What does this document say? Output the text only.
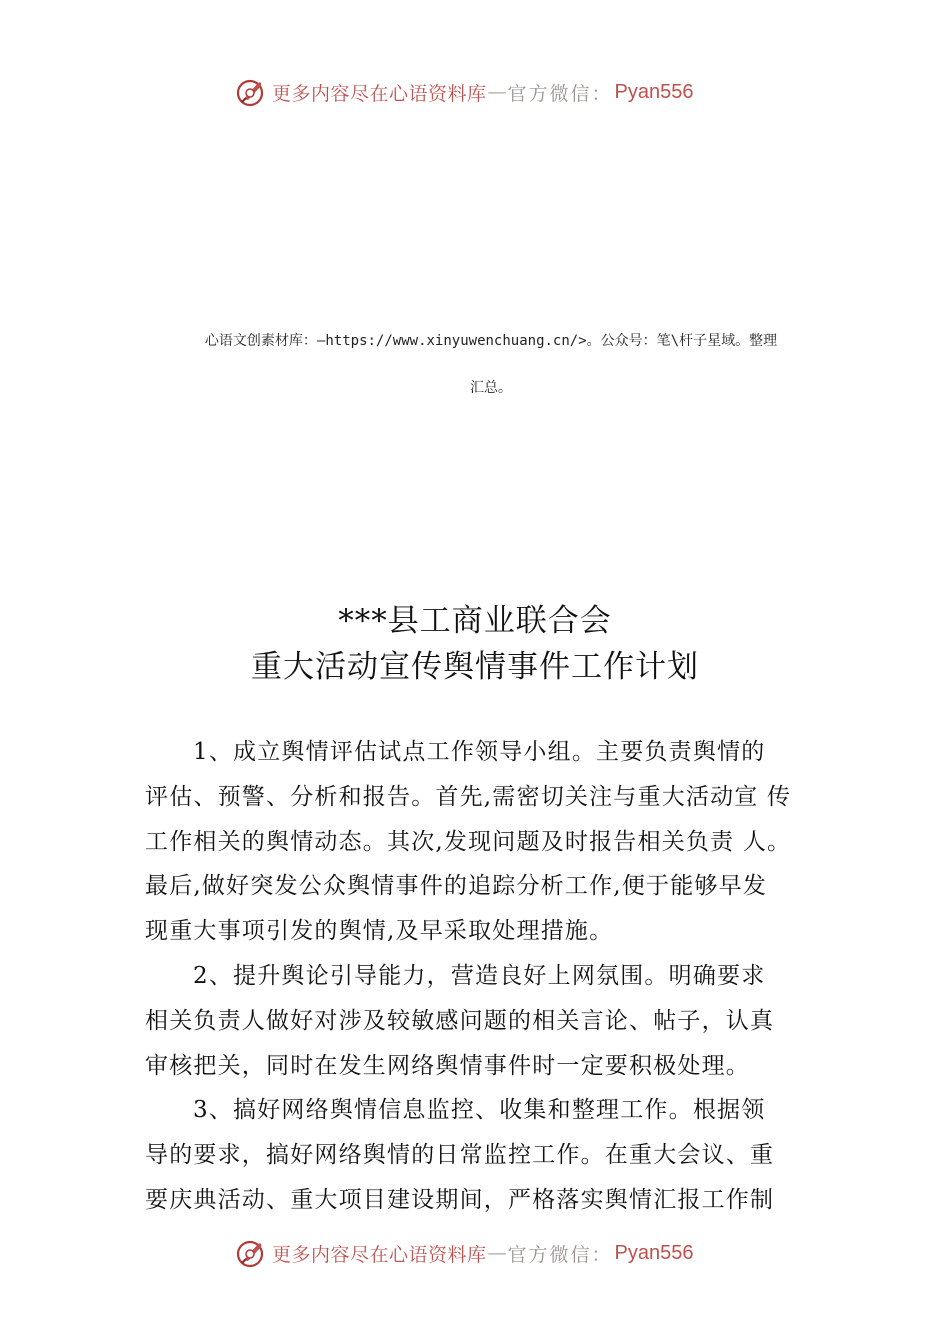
更多内容尽在心语资料库 — 官方微信： Pyan556
心语文创素材库：—https://www.xinyuwenchuang.cn/>。公众号：笔\杆子星域。整理
汇总。
***县工商业联合会
重大活动宣传舆情事件工作计划
1、成立舆情评估试点工作领导小组。主要负责舆情的
评估、预警、分析和报告。首先,需密切关注与重大活动宣 传
工作相关的舆情动态。其次,发现问题及时报告相关负责 人。
最后,做好突发公众舆情事件的追踪分析工作,便于能够早发
现重大事项引发的舆情,及早采取处理措施。
2、提升舆论引导能力，营造良好上网氛围。明确要求
相关负责人做好对涉及较敏感问题的相关言论、帖子，认真
审核把关，同时在发生网络舆情事件时一定要积极处理。
3、搞好网络舆情信息监控、收集和整理工作。根据领
导的要求，搞好网络舆情的日常监控工作。在重大会议、重
要庆典活动、重大项目建设期间，严格落实舆情汇报工作制
更多内容尽在心语资料库 — 官方微信： Pyan556
